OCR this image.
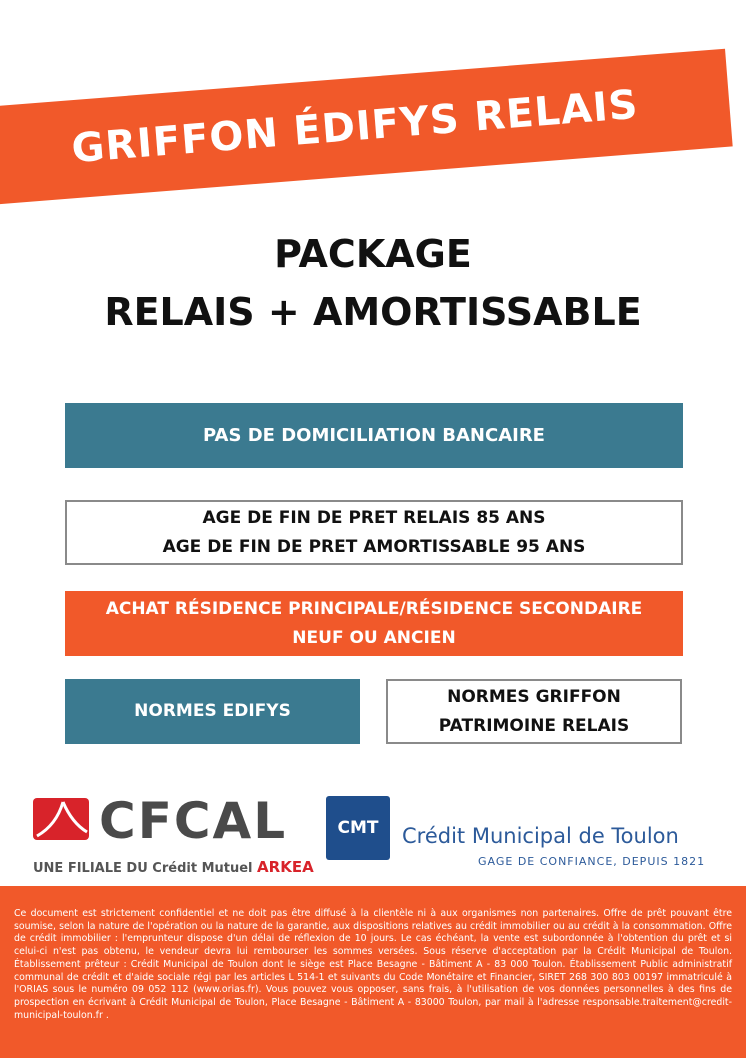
GRIFFON ÉDIFYS RELAIS
PACKAGE
RELAIS + AMORTISSABLE
PAS DE DOMICILIATION BANCAIRE
AGE DE FIN DE PRET RELAIS 85 ANS
AGE DE FIN DE PRET AMORTISSABLE 95 ANS
ACHAT RÉSIDENCE PRINCIPALE/RÉSIDENCE SECONDAIRE
NEUF OU ANCIEN
NORMES EDIFYS
NORMES GRIFFON
PATRIMOINE RELAIS
CFCAL
UNE FILIALE DU Crédit Mutuel ARKEA
CMT Crédit Municipal de Toulon
GAGE DE CONFIANCE, DEPUIS 1821
Ce document est strictement confidentiel et ne doit pas être diffusé à la clientèle ni à aux organismes non partenaires. Offre de prêt pouvant être soumise, selon la nature de l'opération ou la nature de la garantie, aux dispositions relatives au crédit immobilier ou au crédit à la consommation. Offre de crédit immobilier : l'emprunteur dispose d'un délai de réflexion de 10 jours. Le cas échéant, la vente est subordonnée à l'obtention du prêt et si celui-ci n'est pas obtenu, le vendeur devra lui rembourser les sommes versées. Sous réserve d'acceptation par la Crédit Municipal de Toulon. Établissement prêteur : Crédit Municipal de Toulon dont le siège est Place Besagne - Bâtiment A - 83 000 Toulon. Établissement Public administratif communal de crédit et d'aide sociale régi par les articles L 514-1 et suivants du Code Monétaire et Financier, SIRET 268 300 803 00197 immatriculé à l'ORIAS sous le numéro 09 052 112 (www.orias.fr). Vous pouvez vous opposer, sans frais, à l'utilisation de vos données personnelles à des fins de prospection en écrivant à Crédit Municipal de Toulon, Place Besagne - Bâtiment A - 83000 Toulon, par mail à l'adresse responsable.traitement@credit-municipal-toulon.fr .
